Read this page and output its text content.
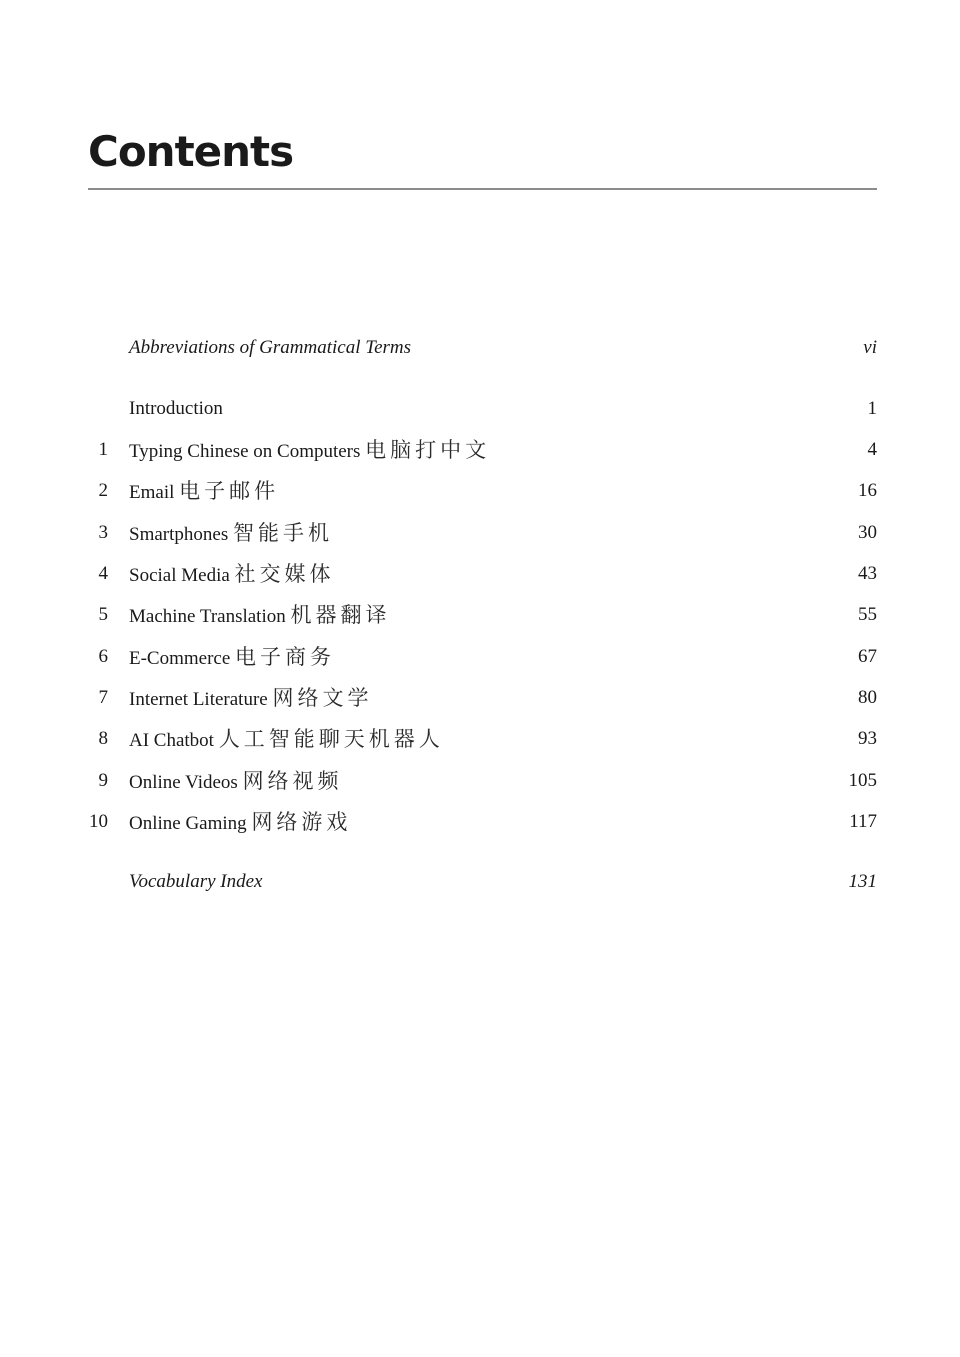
Contents
Abbreviations of Grammatical Terms	vi
Introduction	1
1 Typing Chinese on Computers 电脑打中文	4
2 Email 电子邮件	16
3 Smartphones 智能手机	30
4 Social Media 社交媒体	43
5 Machine Translation 机器翻译	55
6 E-Commerce 电子商务	67
7 Internet Literature 网络文学	80
8 AI Chatbot 人工智能聊天机器人	93
9 Online Videos 网络视频	105
10 Online Gaming 网络游戏	117
Vocabulary Index	131
